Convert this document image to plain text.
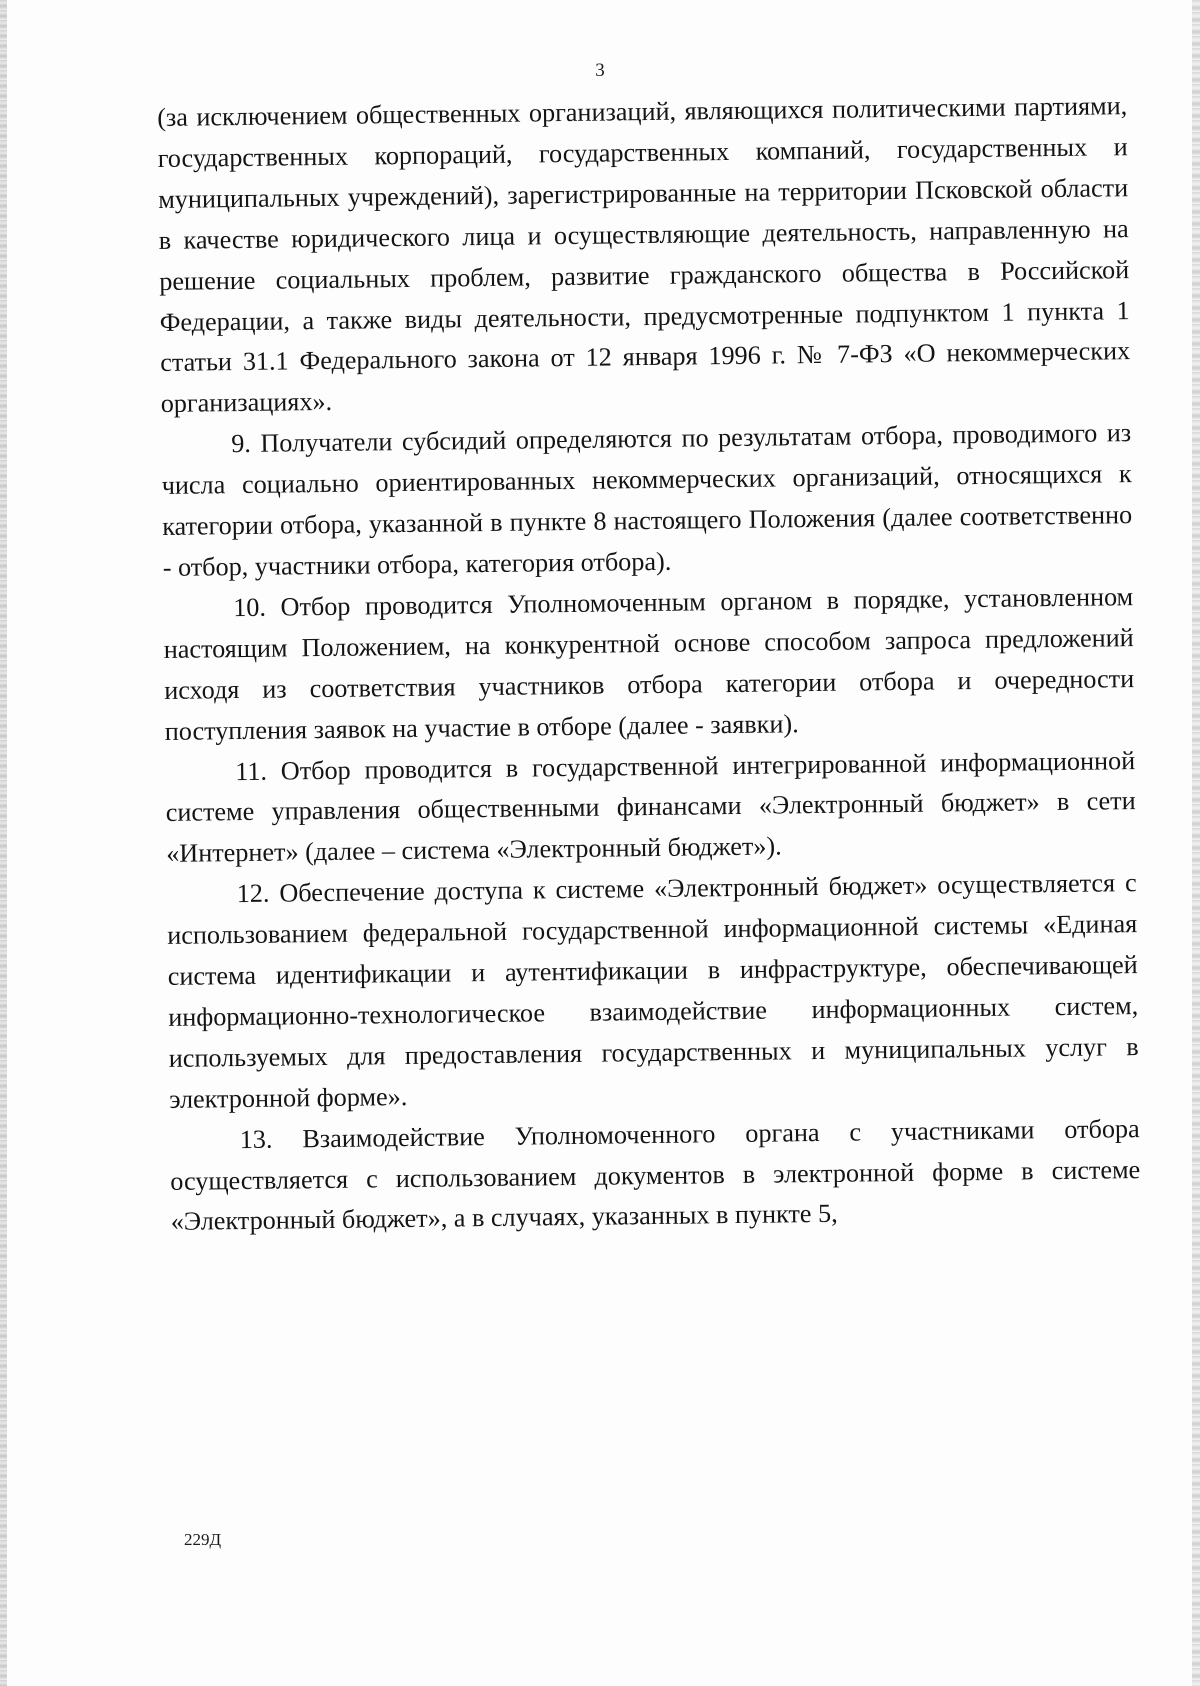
3

(за исключением общественных организаций, являющихся политическими партиями, государственных корпораций, государственных компаний, государственных и муниципальных учреждений), зарегистрированные на территории Псковской области в качестве юридического лица и осуществляющие деятельность, направленную на решение социальных проблем, развитие гражданского общества в Российской Федерации, а также виды деятельности, предусмотренные подпунктом 1 пункта 1 статьи 31.1 Федерального закона от 12 января 1996 г. № 7-ФЗ «О некоммерческих организациях».

9. Получатели субсидий определяются по результатам отбора, проводимого из числа социально ориентированных некоммерческих организаций, относящихся к категории отбора, указанной в пункте 8 настоящего Положения (далее соответственно - отбор, участники отбора, категория отбора).

10. Отбор проводится Уполномоченным органом в порядке, установленном настоящим Положением, на конкурентной основе способом запроса предложений исходя из соответствия участников отбора категории отбора и очередности поступления заявок на участие в отборе (далее - заявки).

11. Отбор проводится в государственной интегрированной информационной системе управления общественными финансами «Электронный бюджет» в сети «Интернет» (далее – система «Электронный бюджет»).

12. Обеспечение доступа к системе «Электронный бюджет» осуществляется с использованием федеральной государственной информационной системы «Единая система идентификации и аутентификации в инфраструктуре, обеспечивающей информационно-технологическое взаимодействие информационных систем, используемых для предоставления государственных и муниципальных услуг в электронной форме».

13. Взаимодействие Уполномоченного органа с участниками отбора осуществляется с использованием документов в электронной форме в системе «Электронный бюджет», а в случаях, указанных в пункте 5,

229Д
